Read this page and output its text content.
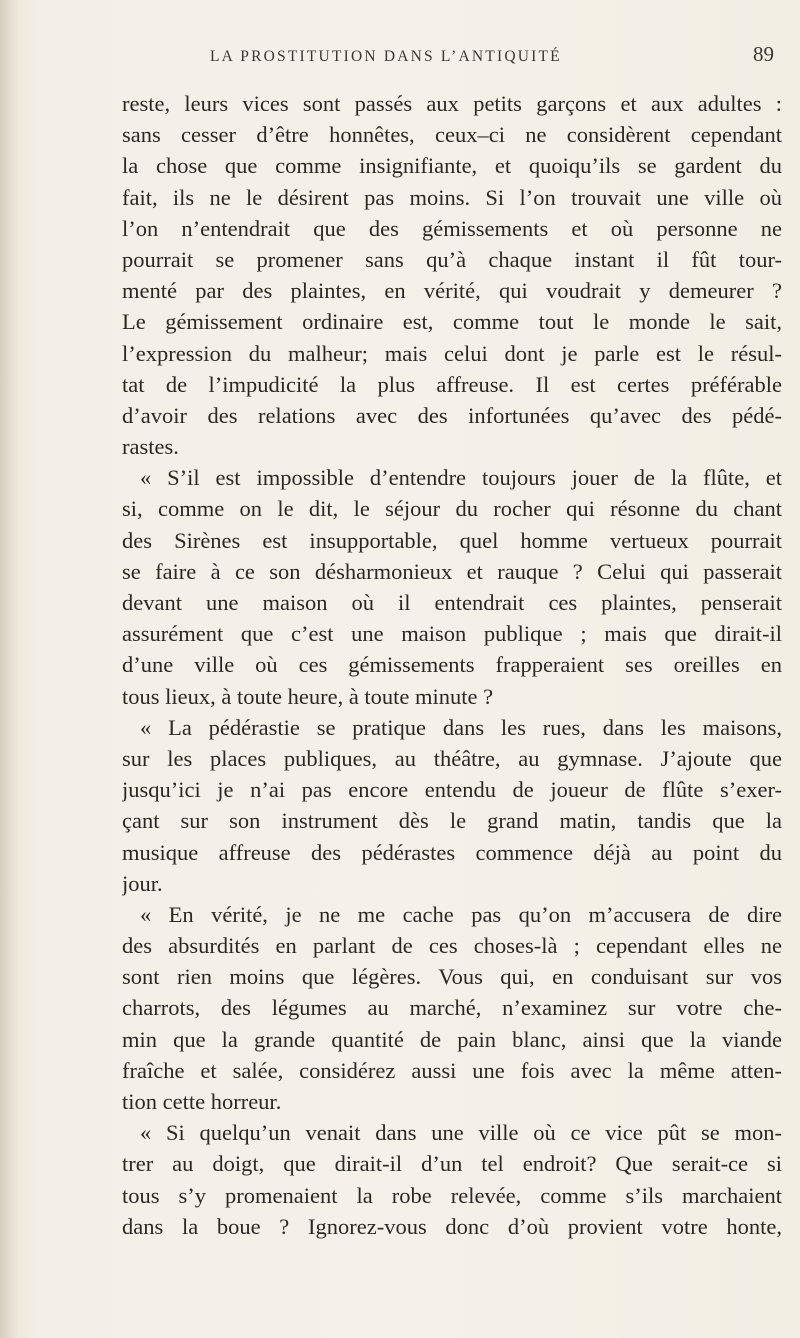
LA PROSTITUTION DANS L’ANTIQUITÉ	89
reste, leurs vices sont passés aux petits garçons et aux adultes :
sans cesser d’être honnêtes, ceux–ci ne considèrent cependant
la chose que comme insignifiante, et quoiqu’ils se gardent du
fait, ils ne le désirent pas moins. Si l’on trouvait une ville où
l’on n’entendrait que des gémissements et où personne ne
pourrait se promener sans qu’à chaque instant il fût tour-
menté par des plaintes, en vérité, qui voudrait y demeurer ?
Le gémissement ordinaire est, comme tout le monde le sait,
l’expression du malheur; mais celui dont je parle est le résul-
tat de l’impudicité la plus affreuse. Il est certes préférable
d’avoir des relations avec des infortunées qu’avec des pédé-
rastes.
« S’il est impossible d’entendre toujours jouer de la flûte, et
si, comme on le dit, le séjour du rocher qui résonne du chant
des Sirènes est insupportable, quel homme vertueux pourrait
se faire à ce son désharmonieux et rauque ? Celui qui passerait
devant une maison où il entendrait ces plaintes, penserait
assurément que c’est une maison publique ; mais que dirait-il
d’une ville où ces gémissements frapperaient ses oreilles en
tous lieux, à toute heure, à toute minute ?
« La pédérastie se pratique dans les rues, dans les maisons,
sur les places publiques, au théâtre, au gymnase. J’ajoute que
jusqu’ici je n’ai pas encore entendu de joueur de flûte s’exer-
çant sur son instrument dès le grand matin, tandis que la
musique affreuse des pédérastes commence déjà au point du
jour.
« En vérité, je ne me cache pas qu’on m’accusera de dire
des absurdités en parlant de ces choses-là ; cependant elles ne
sont rien moins que légères. Vous qui, en conduisant sur vos
charrots, des légumes au marché, n’examinez sur votre che-
min que la grande quantité de pain blanc, ainsi que la viande
fraîche et salée, considérez aussi une fois avec la même atten-
tion cette horreur.
« Si quelqu’un venait dans une ville où ce vice pût se mon-
trer au doigt, que dirait-il d’un tel endroit? Que serait-ce si
tous s’y promenaient la robe relevée, comme s’ils marchaient
dans la boue ? Ignorez-vous donc d’où provient votre honte,
